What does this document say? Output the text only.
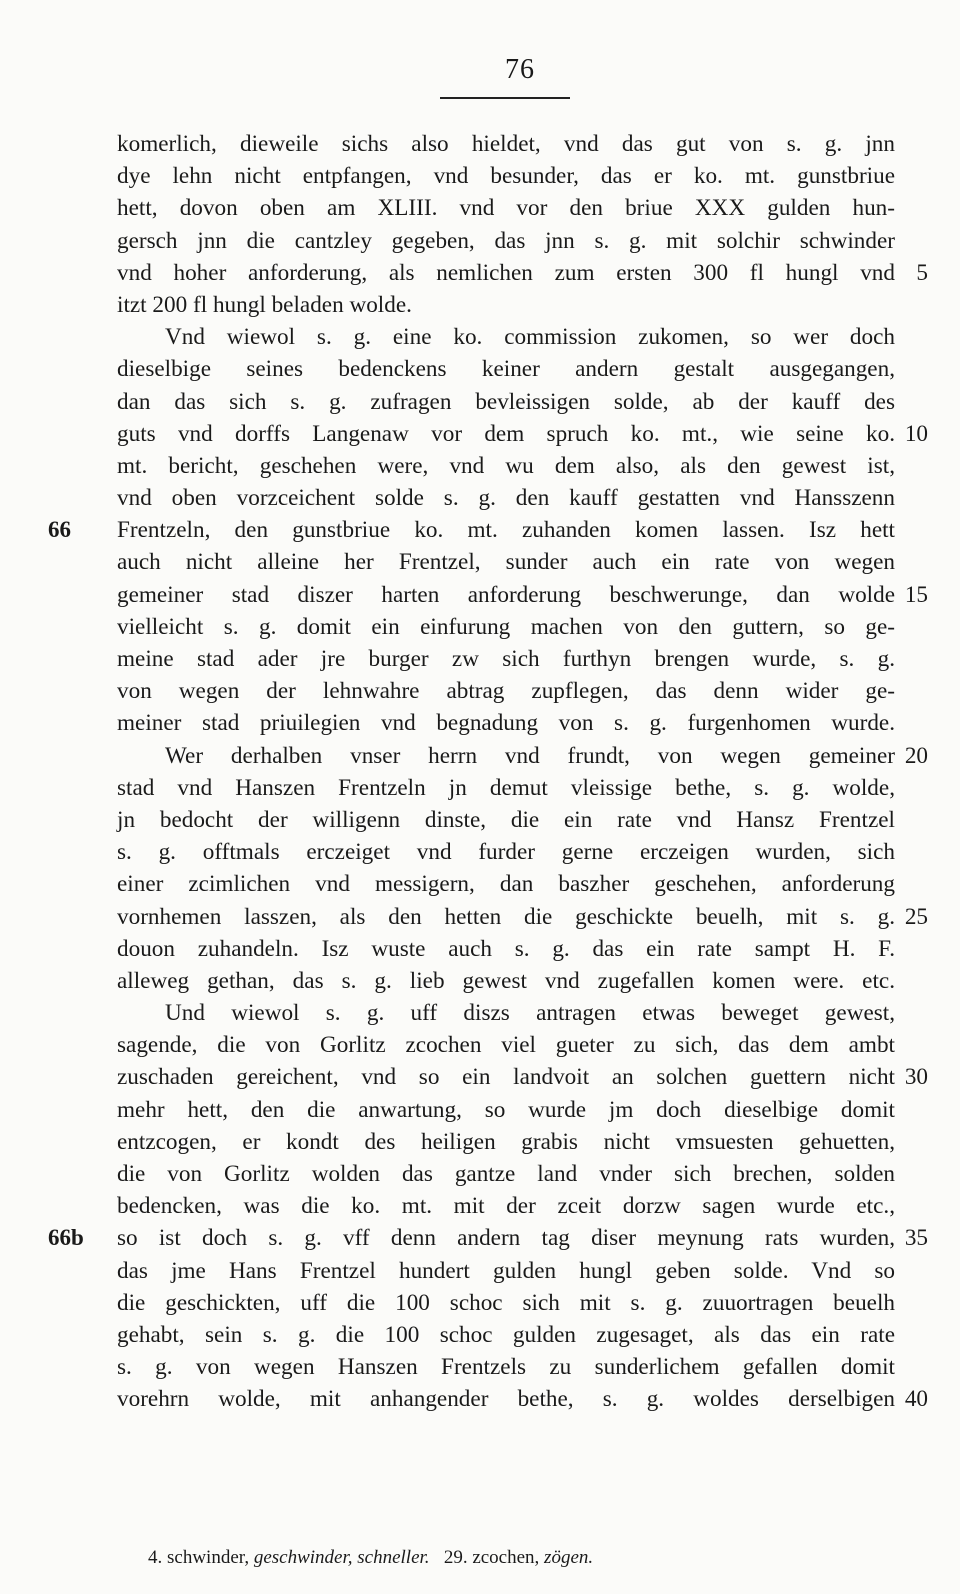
76
komerlich, dieweile sichs also hieldet, vnd das gut von s. g. jnn
dye lehn nicht entpfangen, vnd besunder, das er ko. mt. gunstbriue
hett, dovon oben am XLIII. vnd vor den briue XXX gulden hun-
gersch jnn die cantzley gegeben, das jnn s. g. mit solchir schwinder
vnd hoher anforderung, als nemlichen zum ersten 300 fl hungl vnd 5
itzt 200 fl hungl beladen wolde.
Vnd wiewol s. g. eine ko. commission zukomen, so wer doch
dieselbige seines bedenckens keiner andern gestalt ausgegangen,
dan das sich s. g. zufragen bevleissigen solde, ab der kauff des
guts vnd dorffs Langenaw vor dem spruch ko. mt., wie seine ko. 10
mt. bericht, geschehen were, vnd wu dem also, als den gewest ist,
vnd oben vorzceichent solde s. g. den kauff gestatten vnd Hansszenn
66 Frentzeln, den gunstbriue ko. mt. zuhanden komen lassen. Isz hett
auch nicht alleine her Frentzel, sunder auch ein rate von wegen
gemeiner stad diszer harten anforderung beschwerunge, dan wolde 15
vielleicht s. g. domit ein einfurung machen von den guttern, so ge-
meine stad ader jre burger zw sich furthyn brengen wurde, s. g.
von wegen der lehnwahre abtrag zupflegen, das denn wider ge-
meiner stad priuilegien vnd begnadung von s. g. furgenhomen wurde.
Wer derhalben vnser herrn vnd frundt, von wegen gemeiner 20
stad vnd Hanszen Frentzeln jn demut vleissige bethe, s. g. wolde,
jn bedocht der willigenn dinste, die ein rate vnd Hansz Frentzel
s. g. offtmals erczeiget vnd furder gerne erczeigen wurden, sich
einer zcimlichen vnd messigern, dan baszher geschehen, anforderung
vornhemen lasszen, als den hetten die geschickte beuelh, mit s. g. 25
douon zuhandeln. Isz wuste auch s. g. das ein rate sampt H. F.
alleweg gethan, das s. g. lieb gewest vnd zugefallen komen were. etc.
Und wiewol s. g. uff diszs antragen etwas beweget gewest,
sagende, die von Gorlitz zcochen viel gueter zu sich, das dem ambt
zuschaden gereichent, vnd so ein landvoit an solchen guettern nicht 30
mehr hett, den die anwartung, so wurde jm doch dieselbige domit
entzcogen, er kondt des heiligen grabis nicht vmsuesten gehuetten,
die von Gorlitz wolden das gantze land vnder sich brechen, solden
bedencken, was die ko. mt. mit der zceit dorzw sagen wurde etc.,
66b so ist doch s. g. vff denn andern tag diser meynung rats wurden, 35
das jme Hans Frentzel hundert gulden hungl geben solde. Vnd so
die geschickten, uff die 100 schoc sich mit s. g. zuuortragen beuelh
gehabt, sein s. g. die 100 schoc gulden zugesaget, als das ein rate
s. g. von wegen Hanszen Frentzels zu sunderlichem gefallen domit
vorehrn wolde, mit anhangender bethe, s. g. woldes derselbigen 40
4. schwinder, geschwinder, schneller. 29. zcochen, zögen.
